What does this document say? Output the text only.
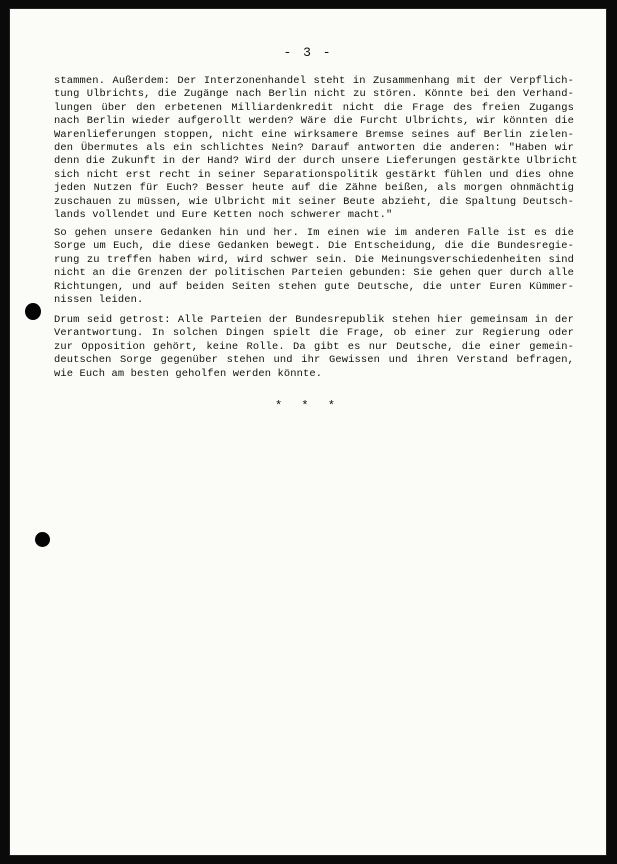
- 3 -
stammen. Außerdem: Der Interzonenhandel steht in Zusammenhang mit der Verpflich-
tung Ulbrichts, die Zugänge nach Berlin nicht zu stören. Könnte bei den Verhand-
lungen über den erbetenen Milliardenkredit nicht die Frage des freien Zugangs
nach Berlin wieder aufgerollt werden? Wäre die Furcht Ulbrichts, wir könnten die
Warenlieferungen stoppen, nicht eine wirksamere Bremse seines auf Berlin zielen-
den Übermutes als ein schlichtes Nein? Darauf antworten die anderen: "Haben wir
denn die Zukunft in der Hand? Wird der durch unsere Lieferungen gestärkte Ulbricht
sich nicht erst recht in seiner Separationspolitik gestärkt fühlen und dies ohne
jeden Nutzen für Euch? Besser heute auf die Zähne beißen, als morgen ohnmächtig
zuschauen zu müssen, wie Ulbricht mit seiner Beute abzieht, die Spaltung Deutsch-
lands vollendet und Eure Ketten noch schwerer macht."
So gehen unsere Gedanken hin und her. Im einen wie im anderen Falle ist es die
Sorge um Euch, die diese Gedanken bewegt. Die Entscheidung, die die Bundesregie-
rung zu treffen haben wird, wird schwer sein. Die Meinungsverschiedenheiten sind
nicht an die Grenzen der politischen Parteien gebunden: Sie gehen quer durch alle
Richtungen, und auf beiden Seiten stehen gute Deutsche, die unter Euren Kümmer-
nissen leiden.
Drum seid getrost: Alle Parteien der Bundesrepublik stehen hier gemeinsam in der
Verantwortung. In solchen Dingen spielt die Frage, ob einer zur Regierung oder
zur Opposition gehört, keine Rolle. Da gibt es nur Deutsche, die einer gemein-
deutschen Sorge gegenüber stehen und ihr Gewissen und ihren Verstand befragen,
wie Euch am besten geholfen werden könnte.
* * *
